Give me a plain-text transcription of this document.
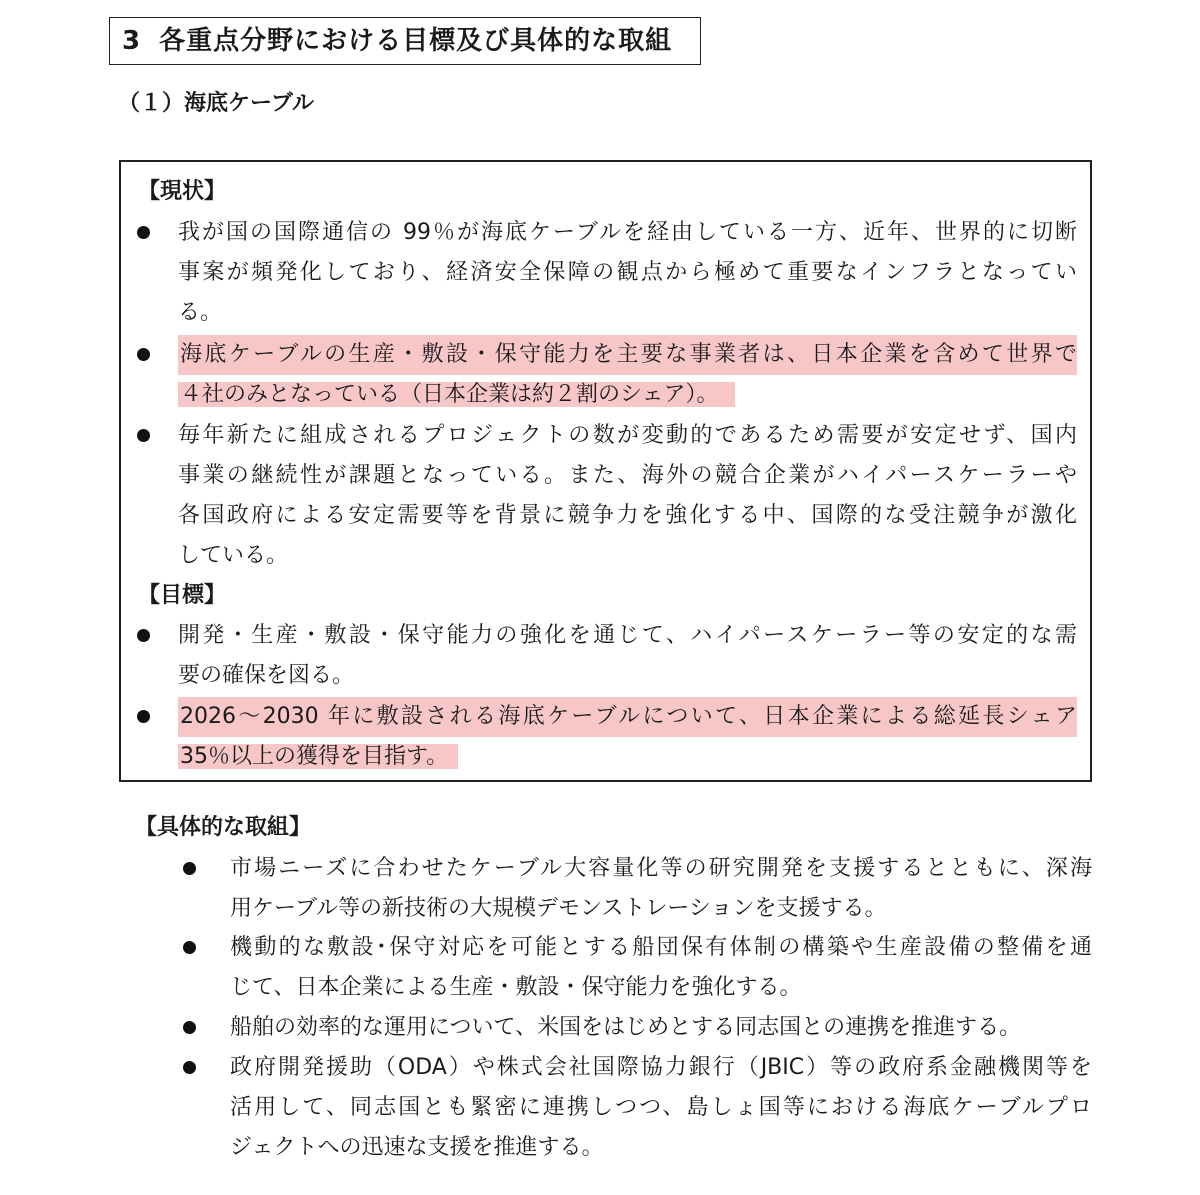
3 各重点分野における目標及び具体的な取組
（１）海底ケーブル
【現状】
我が国の国際通信の 99％が海底ケーブルを経由している一方、近年、世界的に切断
事案が頻発化しており、経済安全保障の観点から極めて重要なインフラとなってい
る。
海底ケーブルの生産・敷設・保守能力を主要な事業者は、日本企業を含めて世界で
４社のみとなっている（日本企業は約２割のシェア）。
毎年新たに組成されるプロジェクトの数が変動的であるため需要が安定せず、国内
事業の継続性が課題となっている。また、海外の競合企業がハイパースケーラーや
各国政府による安定需要等を背景に競争力を強化する中、国際的な受注競争が激化
している。
【目標】
開発・生産・敷設・保守能力の強化を通じて、ハイパースケーラー等の安定的な需
要の確保を図る。
2026～2030 年に敷設される海底ケーブルについて、日本企業による総延長シェア
35％以上の獲得を目指す。
【具体的な取組】
市場ニーズに合わせたケーブル大容量化等の研究開発を支援するとともに、深海
用ケーブル等の新技術の大規模デモンストレーションを支援する。
機動的な敷設･保守対応を可能とする船団保有体制の構築や生産設備の整備を通
じて、日本企業による生産・敷設・保守能力を強化する。
船舶の効率的な運用について、米国をはじめとする同志国との連携を推進する。
政府開発援助（ODA）や株式会社国際協力銀行（JBIC）等の政府系金融機関等を
活用して、同志国とも緊密に連携しつつ、島しょ国等における海底ケーブルプロ
ジェクトへの迅速な支援を推進する。
